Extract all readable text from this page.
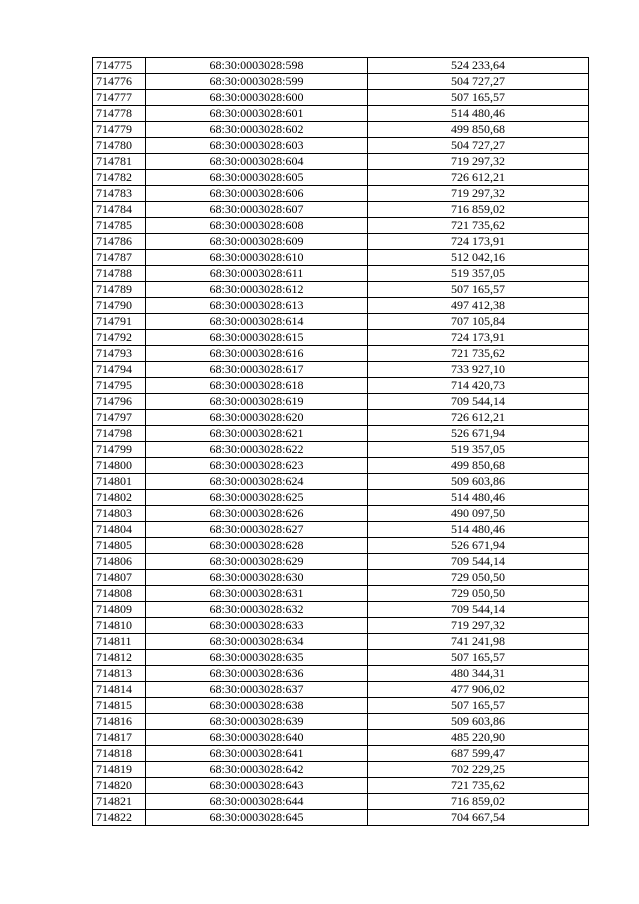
714775	68:30:0003028:598	524 233,64
714776	68:30:0003028:599	504 727,27
714777	68:30:0003028:600	507 165,57
714778	68:30:0003028:601	514 480,46
714779	68:30:0003028:602	499 850,68
714780	68:30:0003028:603	504 727,27
714781	68:30:0003028:604	719 297,32
714782	68:30:0003028:605	726 612,21
714783	68:30:0003028:606	719 297,32
714784	68:30:0003028:607	716 859,02
714785	68:30:0003028:608	721 735,62
714786	68:30:0003028:609	724 173,91
714787	68:30:0003028:610	512 042,16
714788	68:30:0003028:611	519 357,05
714789	68:30:0003028:612	507 165,57
714790	68:30:0003028:613	497 412,38
714791	68:30:0003028:614	707 105,84
714792	68:30:0003028:615	724 173,91
714793	68:30:0003028:616	721 735,62
714794	68:30:0003028:617	733 927,10
714795	68:30:0003028:618	714 420,73
714796	68:30:0003028:619	709 544,14
714797	68:30:0003028:620	726 612,21
714798	68:30:0003028:621	526 671,94
714799	68:30:0003028:622	519 357,05
714800	68:30:0003028:623	499 850,68
714801	68:30:0003028:624	509 603,86
714802	68:30:0003028:625	514 480,46
714803	68:30:0003028:626	490 097,50
714804	68:30:0003028:627	514 480,46
714805	68:30:0003028:628	526 671,94
714806	68:30:0003028:629	709 544,14
714807	68:30:0003028:630	729 050,50
714808	68:30:0003028:631	729 050,50
714809	68:30:0003028:632	709 544,14
714810	68:30:0003028:633	719 297,32
714811	68:30:0003028:634	741 241,98
714812	68:30:0003028:635	507 165,57
714813	68:30:0003028:636	480 344,31
714814	68:30:0003028:637	477 906,02
714815	68:30:0003028:638	507 165,57
714816	68:30:0003028:639	509 603,86
714817	68:30:0003028:640	485 220,90
714818	68:30:0003028:641	687 599,47
714819	68:30:0003028:642	702 229,25
714820	68:30:0003028:643	721 735,62
714821	68:30:0003028:644	716 859,02
714822	68:30:0003028:645	704 667,54
